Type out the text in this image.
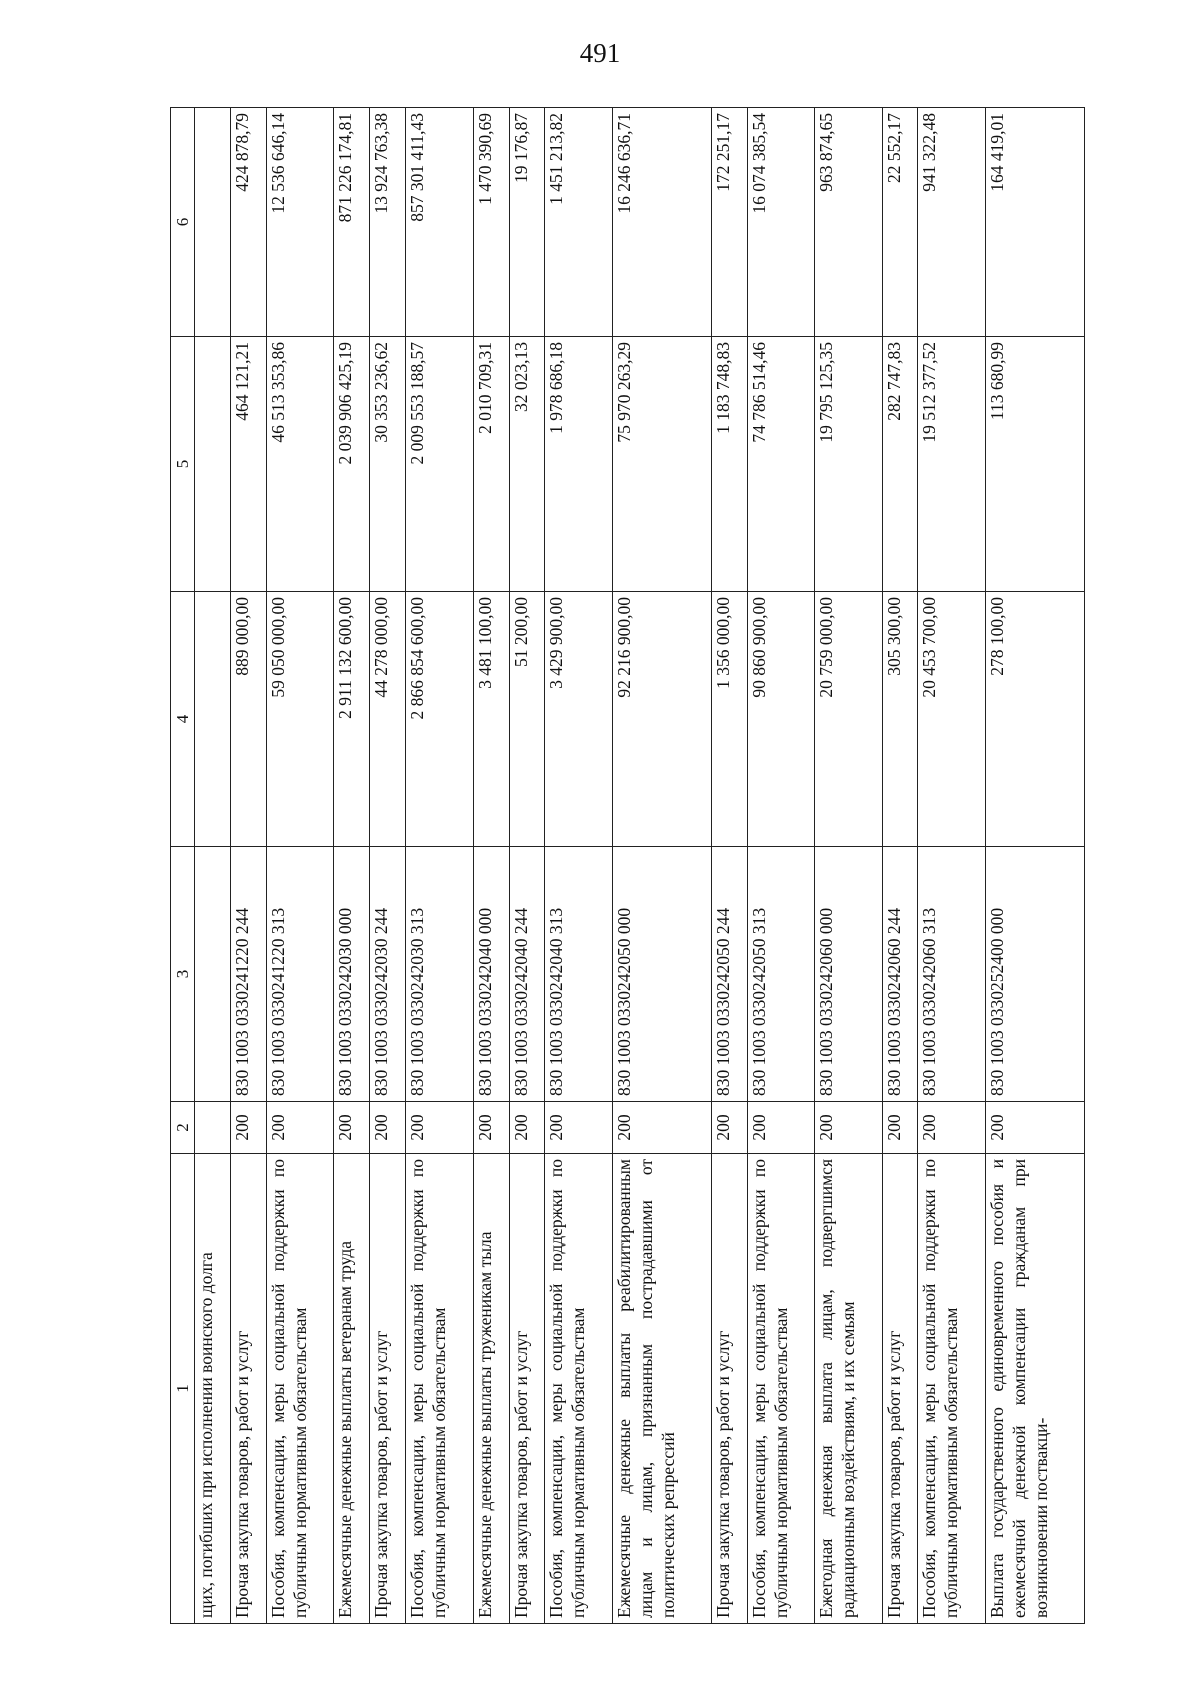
491
1	2	3	4	5	6
щих, погибших при исполнении воинского долга					
Прочая закупка товаров, работ и услуг	200	830 1003 0330241220 244	889 000,00	464 121,21	424 878,79
Пособия, компенсации, меры социальной поддержки по публичным нормативным обязательствам	200	830 1003 0330241220 313	59 050 000,00	46 513 353,86	12 536 646,14
Ежемесячные денежные выплаты ветеранам труда	200	830 1003 0330242030 000	2 911 132 600,00	2 039 906 425,19	871 226 174,81
Прочая закупка товаров, работ и услуг	200	830 1003 0330242030 244	44 278 000,00	30 353 236,62	13 924 763,38
Пособия, компенсации, меры социальной поддержки по публичным нормативным обязательствам	200	830 1003 0330242030 313	2 866 854 600,00	2 009 553 188,57	857 301 411,43
Ежемесячные денежные выплаты труженикам тыла	200	830 1003 0330242040 000	3 481 100,00	2 010 709,31	1 470 390,69
Прочая закупка товаров, работ и услуг	200	830 1003 0330242040 244	51 200,00	32 023,13	19 176,87
Пособия, компенсации, меры социальной поддержки по публичным нормативным обязательствам	200	830 1003 0330242040 313	3 429 900,00	1 978 686,18	1 451 213,82
Ежемесячные денежные выплаты реабилитированным лицам и лицам, признанным пострадавшими от политических репрессий	200	830 1003 0330242050 000	92 216 900,00	75 970 263,29	16 246 636,71
Прочая закупка товаров, работ и услуг	200	830 1003 0330242050 244	1 356 000,00	1 183 748,83	172 251,17
Пособия, компенсации, меры социальной поддержки по публичным нормативным обязательствам	200	830 1003 0330242050 313	90 860 900,00	74 786 514,46	16 074 385,54
Ежегодная денежная выплата лицам, подвергшимся радиационным воздействиям, и их семьям	200	830 1003 0330242060 000	20 759 000,00	19 795 125,35	963 874,65
Прочая закупка товаров, работ и услуг	200	830 1003 0330242060 244	305 300,00	282 747,83	22 552,17
Пособия, компенсации, меры социальной поддержки по публичным нормативным обязательствам	200	830 1003 0330242060 313	20 453 700,00	19 512 377,52	941 322,48
Выплата государственного единовременного пособия и ежемесячной денежной компенсации гражданам при возникновении поствакци-	200	830 1003 0330252400 000	278 100,00	113 680,99	164 419,01
